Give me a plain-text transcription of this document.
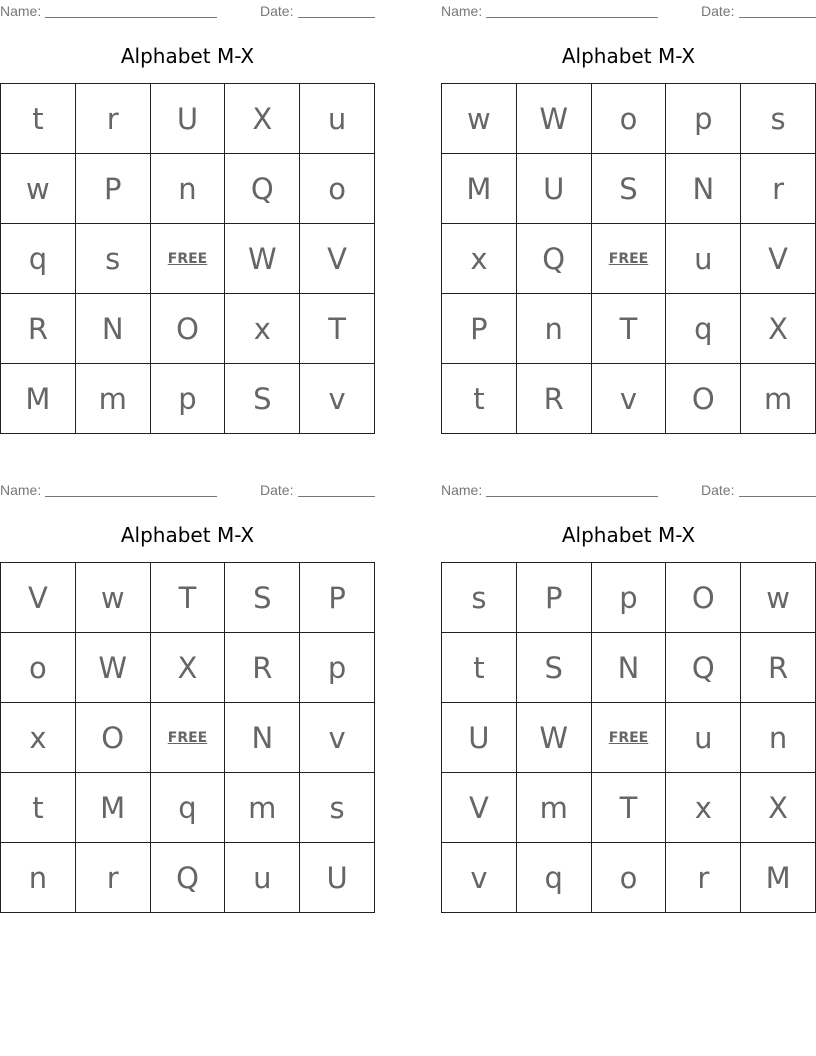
Name:	Date:
Alphabet M-X
t	r	U	X	u
w	P	n	Q	o
q	s	FREE	W	V
R	N	O	x	T
M	m	p	S	v
Name:	Date:
Alphabet M-X
w	W	o	p	s
M	U	S	N	r
x	Q	FREE	u	V
P	n	T	q	X
t	R	v	O	m
Name:	Date:
Alphabet M-X
V	w	T	S	P
o	W	X	R	p
x	O	FREE	N	v
t	M	q	m	s
n	r	Q	u	U
Name:	Date:
Alphabet M-X
s	P	p	O	w
t	S	N	Q	R
U	W	FREE	u	n
V	m	T	x	X
v	q	o	r	M
